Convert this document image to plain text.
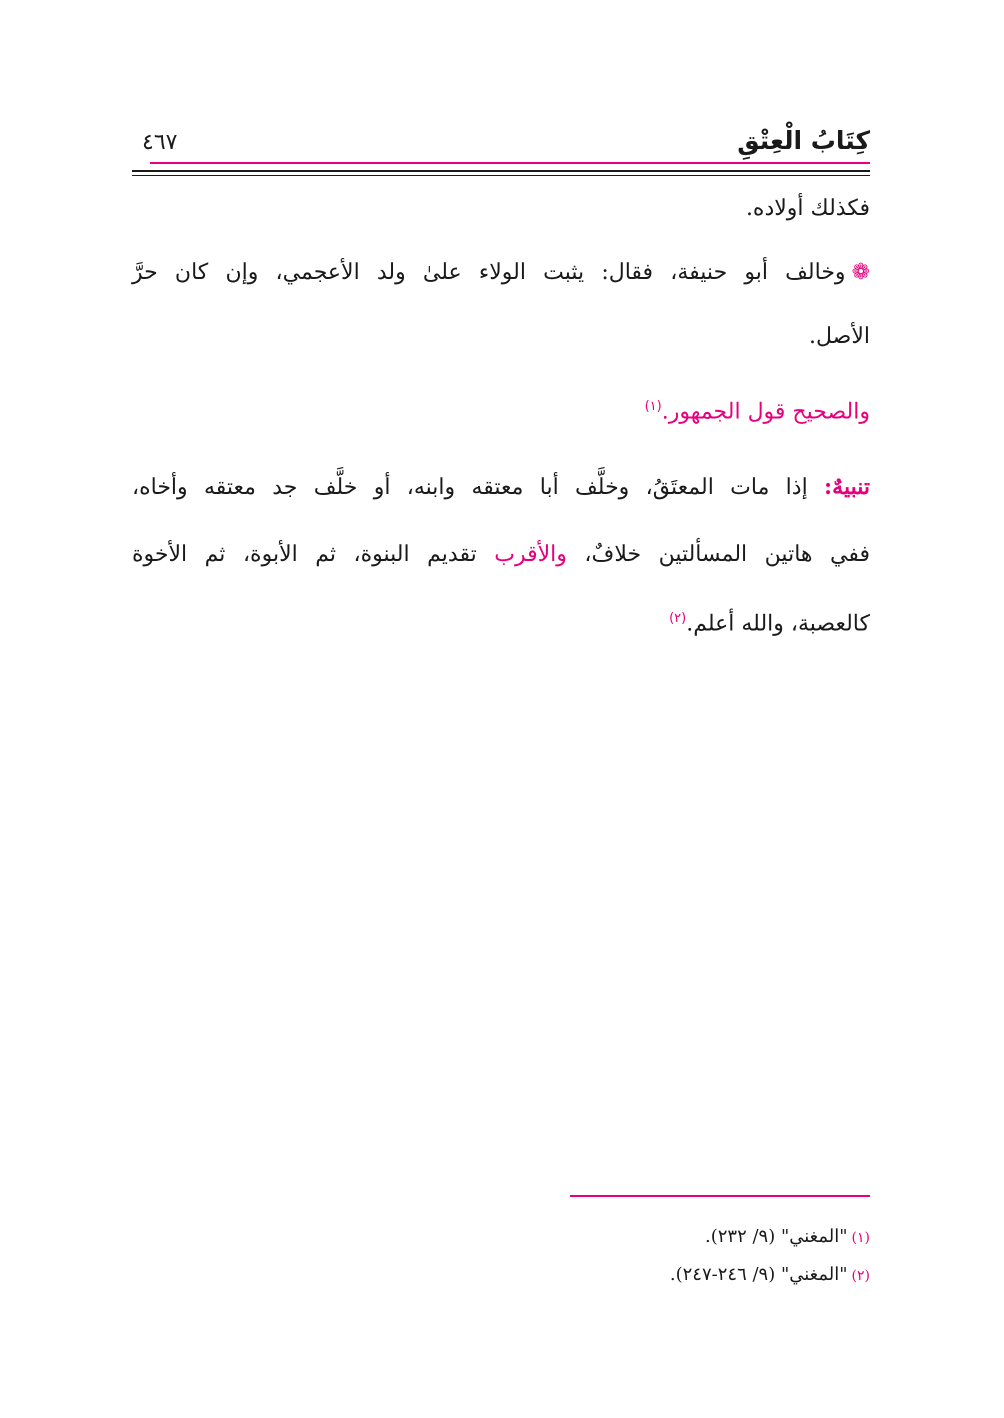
كِتَابُ الْعِتْقِ
٤٦٧
فكذلك أولاده.
❁وخالف أبو حنيفة، فقال: يثبت الولاء علىٰ ولد الأعجمي، وإن كان حرَّ
الأصل.
والصحيح قول الجمهور.$^{(١)}$
تنبيهٌ: إذا مات المعتَقُ، وخلَّف أبا معتقه وابنه، أو خلَّف جد معتقه وأخاه،
ففي هاتين المسألتين خلافٌ، والأقرب تقديم البنوة، ثم الأبوة، ثم الأخوة
كالعصبة، والله أعلم.$^{(٢)}$
(١)"المغني" (٩/ ٢٣٢).
(٢)"المغني" (٩/ ٢٤٦-٢٤٧).
